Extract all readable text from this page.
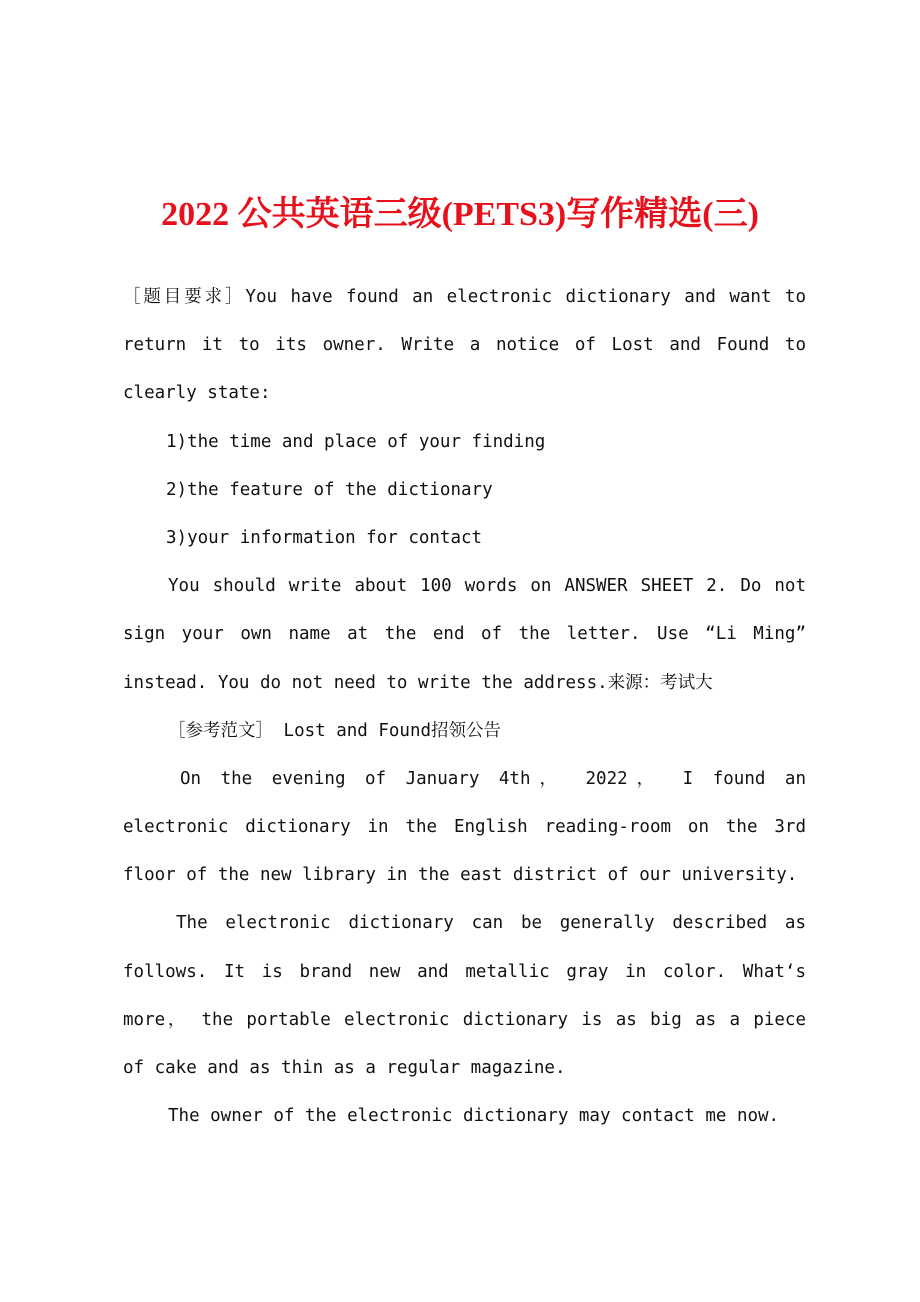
2022 公共英语三级(PETS3)写作精选(三)
［题目要求］You have found an electronic dictionary and want to
return it to its owner. Write a notice of Lost and Found to
clearly state:
1)the time and place of your finding
2)the feature of the dictionary
3)your information for contact
You should write about 100 words on ANSWER SHEET 2. Do not
sign your own name at the end of the letter. Use “Li Ming”
instead. You do not need to write the address.来源：考试大
［参考范文］ Lost and Found招领公告
On the evening of January 4th， 2022， I found an
electronic dictionary in the English reading-room on the 3rd
floor of the new library in the east district of our university.
The electronic dictionary can be generally described as
follows. It is brand new and metallic gray in color. What‘s
more， the portable electronic dictionary is as big as a piece
of cake and as thin as a regular magazine.
The owner of the electronic dictionary may contact me now.
